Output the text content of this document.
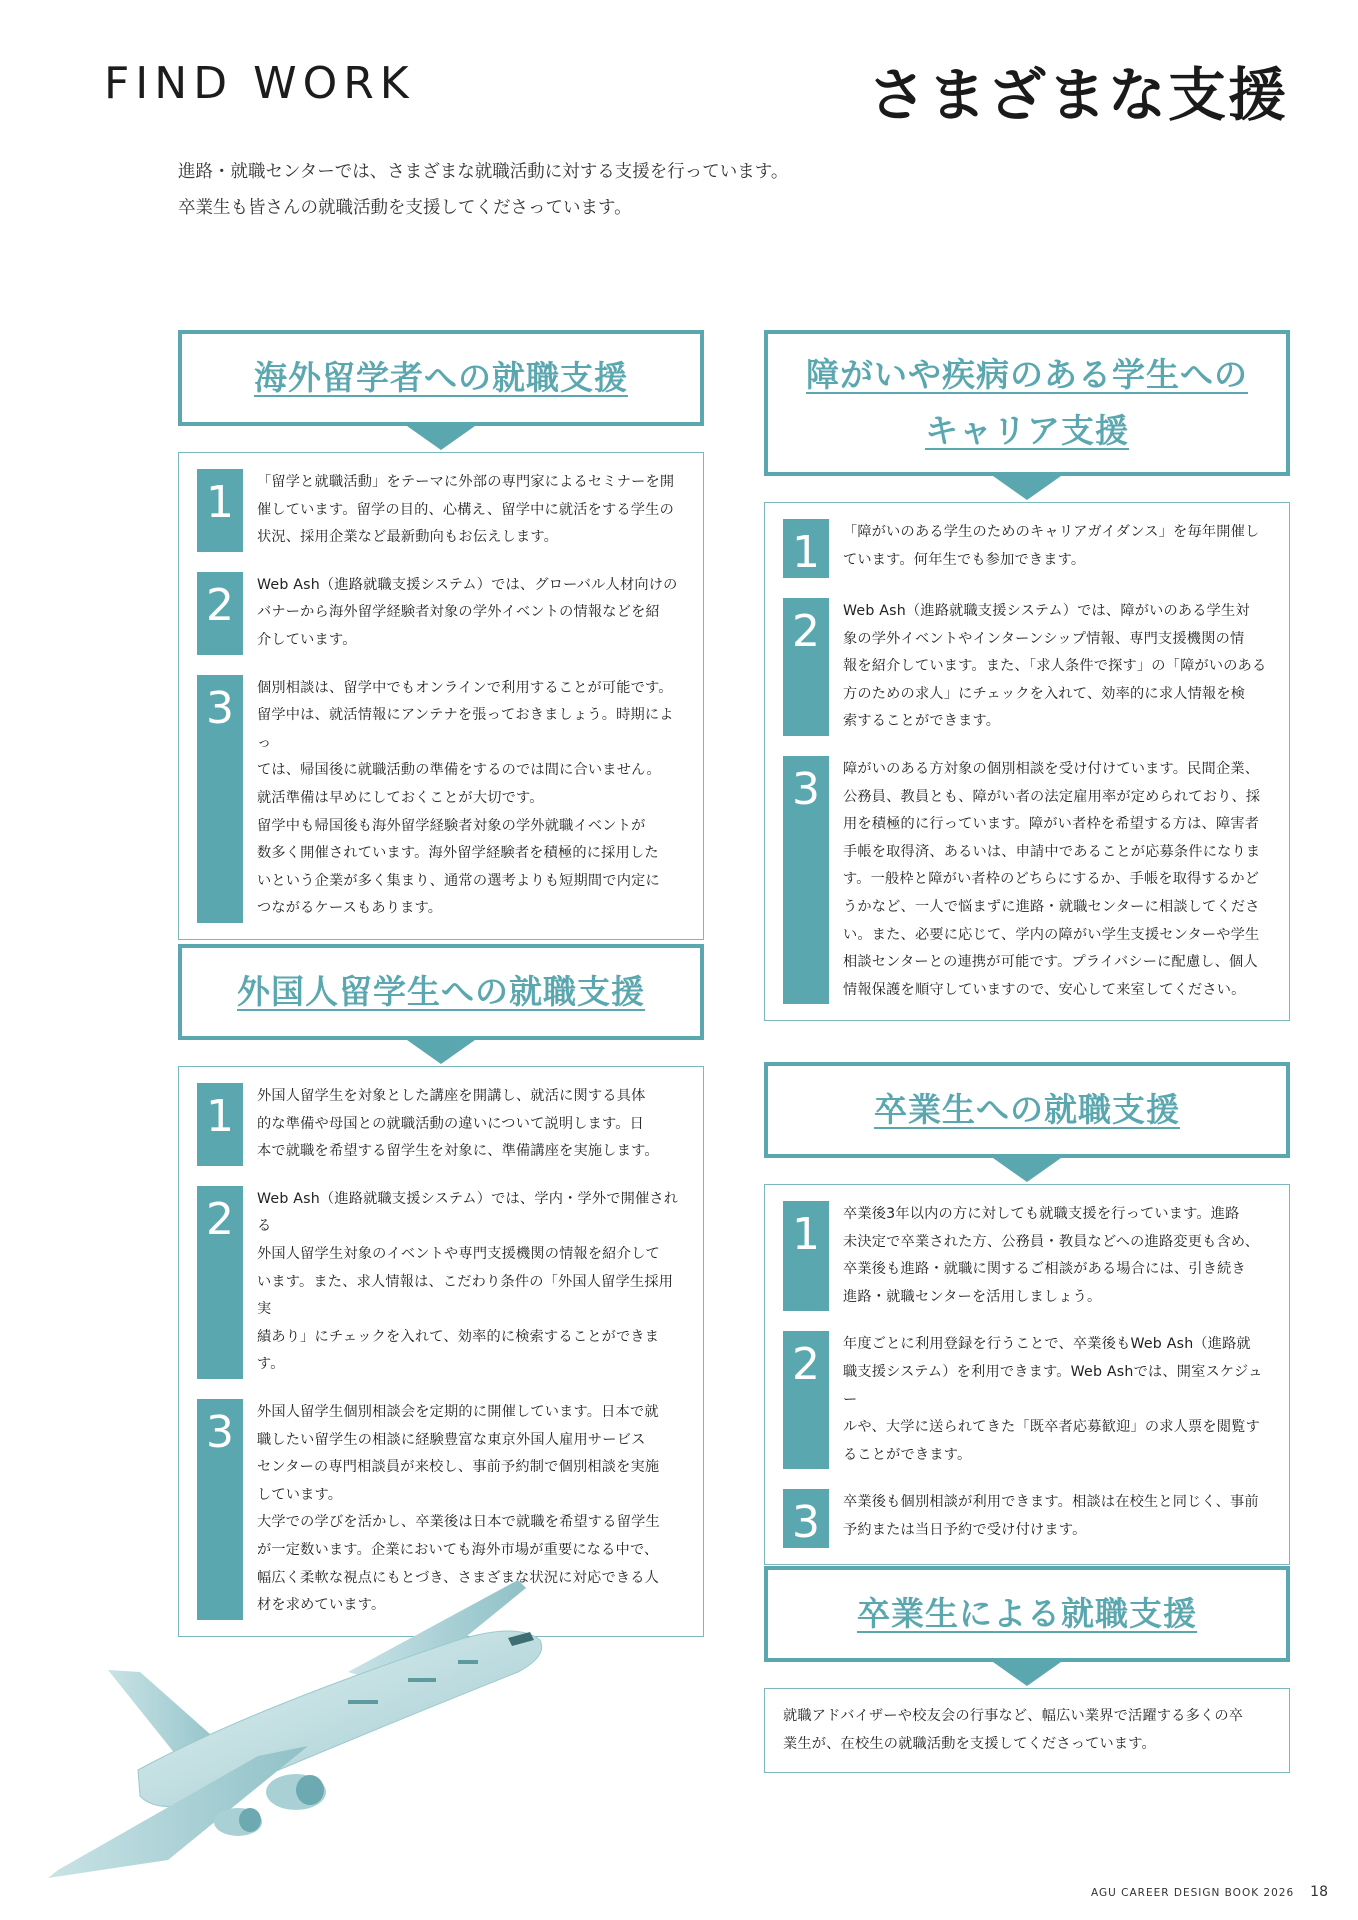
FIND WORK	さまざまな支援
進路・就職センターでは、さまざまな就職活動に対する支援を行っています。
卒業生も皆さんの就職活動を支援してくださっています。
海外留学者への就職支援
1	「留学と就職活動」をテーマに外部の専門家によるセミナーを開
催しています。留学の目的、心構え、留学中に就活をする学生の
状況、採用企業など最新動向もお伝えします。
2	Web Ash（進路就職支援システム）では、グローバル人材向けの
バナーから海外留学経験者対象の学外イベントの情報などを紹
介しています。
3	個別相談は、留学中でもオンラインで利用することが可能です。
留学中は、就活情報にアンテナを張っておきましょう。時期によっ
ては、帰国後に就職活動の準備をするのでは間に合いません。
就活準備は早めにしておくことが大切です。
留学中も帰国後も海外留学経験者対象の学外就職イベントが
数多く開催されています。海外留学経験者を積極的に採用した
いという企業が多く集まり、通常の選考よりも短期間で内定に
つながるケースもあります。
外国人留学生への就職支援
1	外国人留学生を対象とした講座を開講し、就活に関する具体
的な準備や母国との就職活動の違いについて説明します。日
本で就職を希望する留学生を対象に、準備講座を実施します。
2	Web Ash（進路就職支援システム）では、学内・学外で開催される
外国人留学生対象のイベントや専門支援機関の情報を紹介して
います。また、求人情報は、こだわり条件の「外国人留学生採用実
績あり」にチェックを入れて、効率的に検索することができます。
3	外国人留学生個別相談会を定期的に開催しています。日本で就
職したい留学生の相談に経験豊富な東京外国人雇用サービス
センターの専門相談員が来校し、事前予約制で個別相談を実施
しています。
大学での学びを活かし、卒業後は日本で就職を希望する留学生
が一定数います。企業においても海外市場が重要になる中で、
幅広く柔軟な視点にもとづき、さまざまな状況に対応できる人
材を求めています。
障がいや疾病のある学生への
キャリア支援
1	「障がいのある学生のためのキャリアガイダンス」を毎年開催し
ています。何年生でも参加できます。
2	Web Ash（進路就職支援システム）では、障がいのある学生対
象の学外イベントやインターンシップ情報、専門支援機関の情
報を紹介しています。また、「求人条件で探す」の「障がいのある
方のための求人」にチェックを入れて、効率的に求人情報を検
索することができます。
3	障がいのある方対象の個別相談を受け付けています。民間企業、
公務員、教員とも、障がい者の法定雇用率が定められており、採
用を積極的に行っています。障がい者枠を希望する方は、障害者
手帳を取得済、あるいは、申請中であることが応募条件になりま
す。一般枠と障がい者枠のどちらにするか、手帳を取得するかど
うかなど、一人で悩まずに進路・就職センターに相談してくださ
い。また、必要に応じて、学内の障がい学生支援センターや学生
相談センターとの連携が可能です。プライバシーに配慮し、個人
情報保護を順守していますので、安心して来室してください。
卒業生への就職支援
1	卒業後3年以内の方に対しても就職支援を行っています。進路
未決定で卒業された方、公務員・教員などへの進路変更も含め、
卒業後も進路・就職に関するご相談がある場合には、引き続き
進路・就職センターを活用しましょう。
2	年度ごとに利用登録を行うことで、卒業後もWeb Ash（進路就
職支援システム）を利用できます。Web Ashでは、開室スケジュー
ルや、大学に送られてきた「既卒者応募歓迎」の求人票を閲覧す
ることができます。
3	卒業後も個別相談が利用できます。相談は在校生と同じく、事前
予約または当日予約で受け付けます。
卒業生による就職支援
就職アドバイザーや校友会の行事など、幅広い業界で活躍する多くの卒
業生が、在校生の就職活動を支援してくださっています。
AGU CAREER DESIGN BOOK 2026 18
